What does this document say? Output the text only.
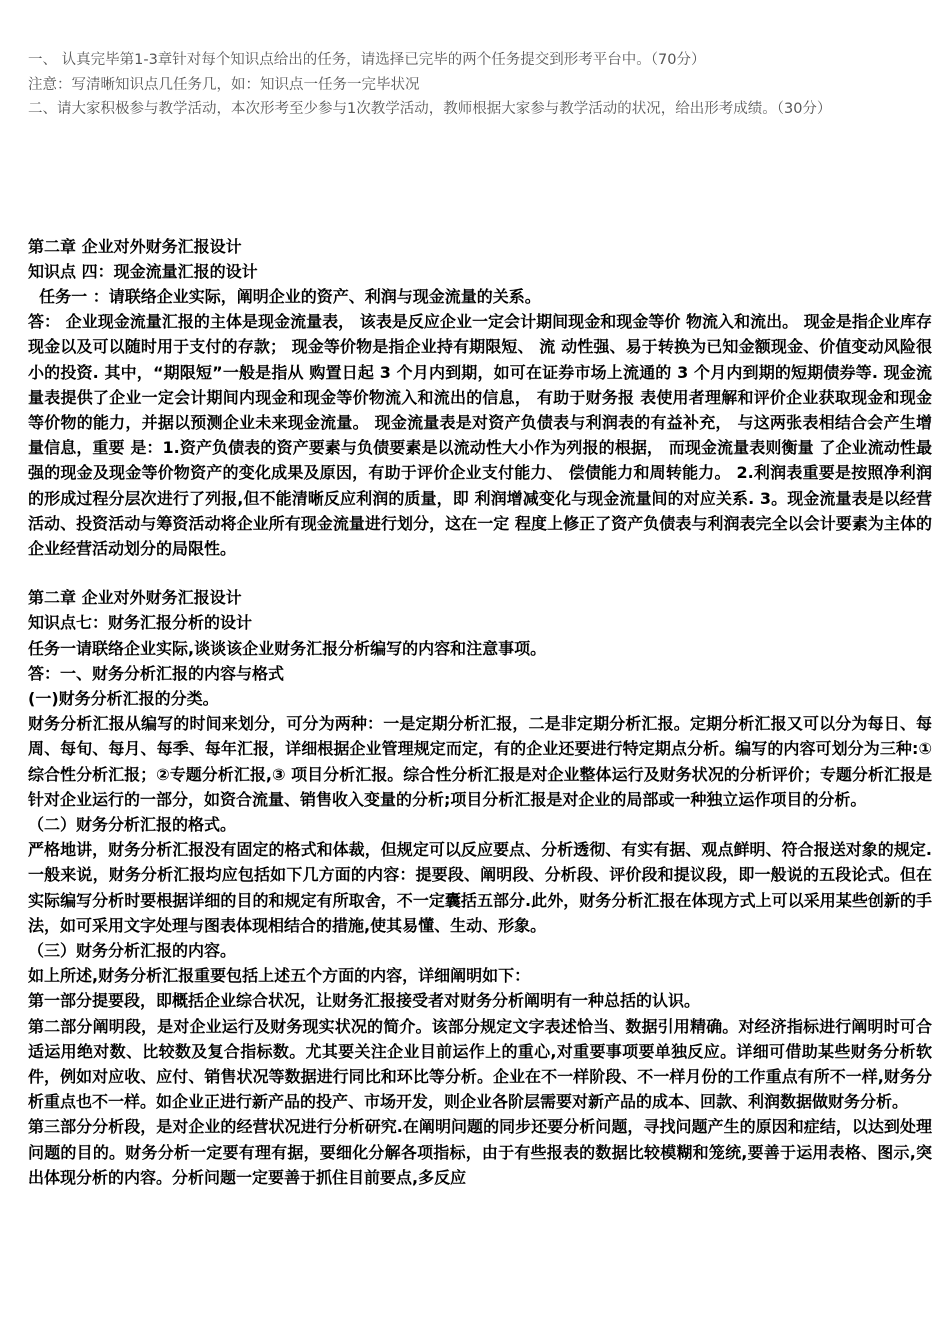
一、 认真完毕第1-3章针对每个知识点给出的任务，请选择已完毕的两个任务提交到形考平台中。（70分）

注意：写清晰知识点几任务几，如：知识点一任务一完毕状况

二、请大家积极参与教学活动，本次形考至少参与1次教学活动，教师根据大家参与教学活动的状况，给出形考成绩。（30分）

第二章 企业对外财务汇报设计

知识点 四：现金流量汇报的设计

任务一 ：请联络企业实际，阐明企业的资产、利润与现金流量的关系。

答： 企业现金流量汇报的主体是现金流量表， 该表是反应企业一定会计期间现金和现金等价 物流入和流出。 现金是指企业库存现金以及可以随时用于支付的存款； 现金等价物是指企业持有期限短、 流 动性强、易于转换为已知金额现金、价值变动风险很小的投资. 其中，“期限短”一般是指从 购置日起 3 个月内到期，如可在证券市场上流通的 3 个月内到期的短期债券等. 现金流量表提供了企业一定会计期间内现金和现金等价物流入和流出的信息， 有助于财务报 表使用者理解和评价企业获取现金和现金等价物的能力，并据以预测企业未来现金流量。 现金流量表是对资产负债表与利润表的有益补充， 与这两张表相结合会产生增量信息，重要 是：1.资产负债表的资产要素与负债要素是以流动性大小作为列报的根据， 而现金流量表则衡量 了企业流动性最强的现金及现金等价物资产的变化成果及原因，有助于评价企业支付能力、 偿债能力和周转能力。 2.利润表重要是按照净利润的形成过程分层次进行了列报,但不能清晰反应利润的质量，即 利润增减变化与现金流量间的对应关系. 3。现金流量表是以经营活动、投资活动与筹资活动将企业所有现金流量进行划分，这在一定 程度上修正了资产负债表与利润表完全以会计要素为主体的企业经营活动划分的局限性。

第二章 企业对外财务汇报设计

知识点七：财务汇报分析的设计

任务一请联络企业实际,谈谈该企业财务汇报分析编写的内容和注意事项。

答：一、财务分析汇报的内容与格式

(一)财务分析汇报的分类。

财务分析汇报从编写的时间来划分，可分为两种：一是定期分析汇报，二是非定期分析汇报。定期分析汇报又可以分为每日、每周、每旬、每月、每季、每年汇报，详细根据企业管理规定而定，有的企业还要进行特定期点分析。编写的内容可划分为三种:① 综合性分析汇报；②专题分析汇报,③ 项目分析汇报。综合性分析汇报是对企业整体运行及财务状况的分析评价；专题分析汇报是针对企业运行的一部分，如资合流量、销售收入变量的分析;项目分析汇报是对企业的局部或一种独立运作项目的分析。

（二）财务分析汇报的格式。

严格地讲，财务分析汇报没有固定的格式和体裁，但规定可以反应要点、分析透彻、有实有据、观点鲜明、符合报送对象的规定.一般来说，财务分析汇报均应包括如下几方面的内容：提要段、阐明段、分析段、评价段和提议段，即一般说的五段论式。但在实际编写分析时要根据详细的目的和规定有所取舍，不一定囊括五部分.此外，财务分析汇报在体现方式上可以采用某些创新的手法，如可采用文字处理与图表体现相结合的措施,使其易懂、生动、形象。

（三）财务分析汇报的内容。

如上所述,财务分析汇报重要包括上述五个方面的内容，详细阐明如下：

第一部分提要段，即概括企业综合状况，让财务汇报接受者对财务分析阐明有一种总括的认识。

第二部分阐明段，是对企业运行及财务现实状况的简介。该部分规定文字表述恰当、数据引用精确。对经济指标进行阐明时可合适运用绝对数、比较数及复合指标数。尤其要关注企业目前运作上的重心,对重要事项要单独反应。详细可借助某些财务分析软件，例如对应收、应付、销售状况等数据进行同比和环比等分析。企业在不一样阶段、不一样月份的工作重点有所不一样,财务分析重点也不一样。如企业正进行新产品的投产、市场开发，则企业各阶层需要对新产品的成本、回款、利润数据做财务分析。

第三部分分析段，是对企业的经营状况进行分析研究.在阐明问题的同步还要分析问题，寻找问题产生的原因和症结，以达到处理问题的目的。财务分析一定要有理有据，要细化分解各项指标，由于有些报表的数据比较模糊和笼统,要善于运用表格、图示,突出体现分析的内容。分析问题一定要善于抓住目前要点,多反应
